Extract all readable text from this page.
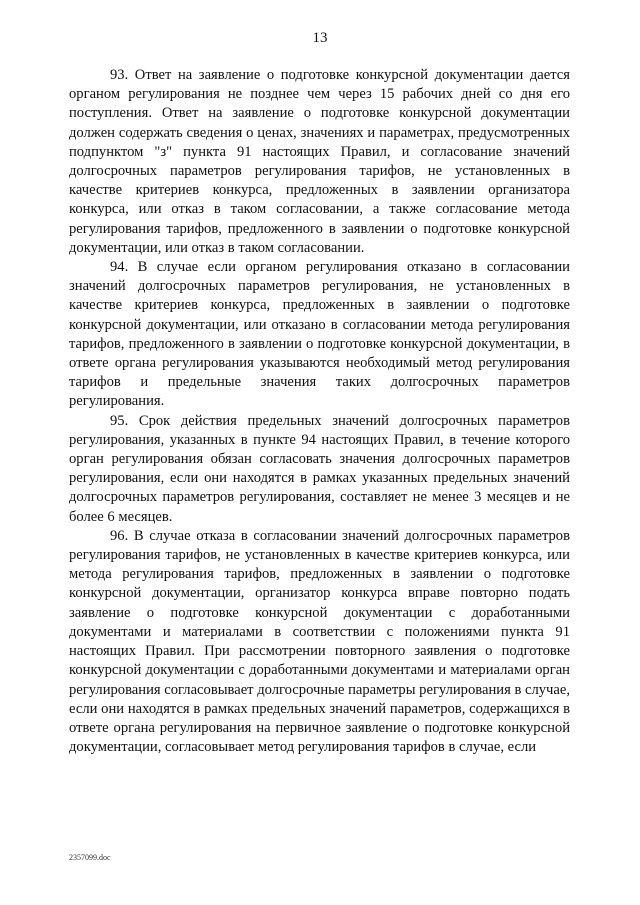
13

93. Ответ на заявление о подготовке конкурсной документации дается органом регулирования не позднее чем через 15 рабочих дней со дня его поступления. Ответ на заявление о подготовке конкурсной документации должен содержать сведения о ценах, значениях и параметрах, предусмотренных подпунктом "з" пункта 91 настоящих Правил, и согласование значений долгосрочных параметров регулирования тарифов, не установленных в качестве критериев конкурса, предложенных в заявлении организатора конкурса, или отказ в таком согласовании, а также согласование метода регулирования тарифов, предложенного в заявлении о подготовке конкурсной документации, или отказ в таком согласовании.

94. В случае если органом регулирования отказано в согласовании значений долгосрочных параметров регулирования, не установленных в качестве критериев конкурса, предложенных в заявлении о подготовке конкурсной документации, или отказано в согласовании метода регулирования тарифов, предложенного в заявлении о подготовке конкурсной документации, в ответе органа регулирования указываются необходимый метод регулирования тарифов и предельные значения таких долгосрочных параметров регулирования.

95. Срок действия предельных значений долгосрочных параметров регулирования, указанных в пункте 94 настоящих Правил, в течение которого орган регулирования обязан согласовать значения долгосрочных параметров регулирования, если они находятся в рамках указанных предельных значений долгосрочных параметров регулирования, составляет не менее 3 месяцев и не более 6 месяцев.

96. В случае отказа в согласовании значений долгосрочных параметров регулирования тарифов, не установленных в качестве критериев конкурса, или метода регулирования тарифов, предложенных в заявлении о подготовке конкурсной документации, организатор конкурса вправе повторно подать заявление о подготовке конкурсной документации с доработанными документами и материалами в соответствии с положениями пункта 91 настоящих Правил. При рассмотрении повторного заявления о подготовке конкурсной документации с доработанными документами и материалами орган регулирования согласовывает долгосрочные параметры регулирования в случае, если они находятся в рамках предельных значений параметров, содержащихся в ответе органа регулирования на первичное заявление о подготовке конкурсной документации, согласовывает метод регулирования тарифов в случае, если

2357099.doc
